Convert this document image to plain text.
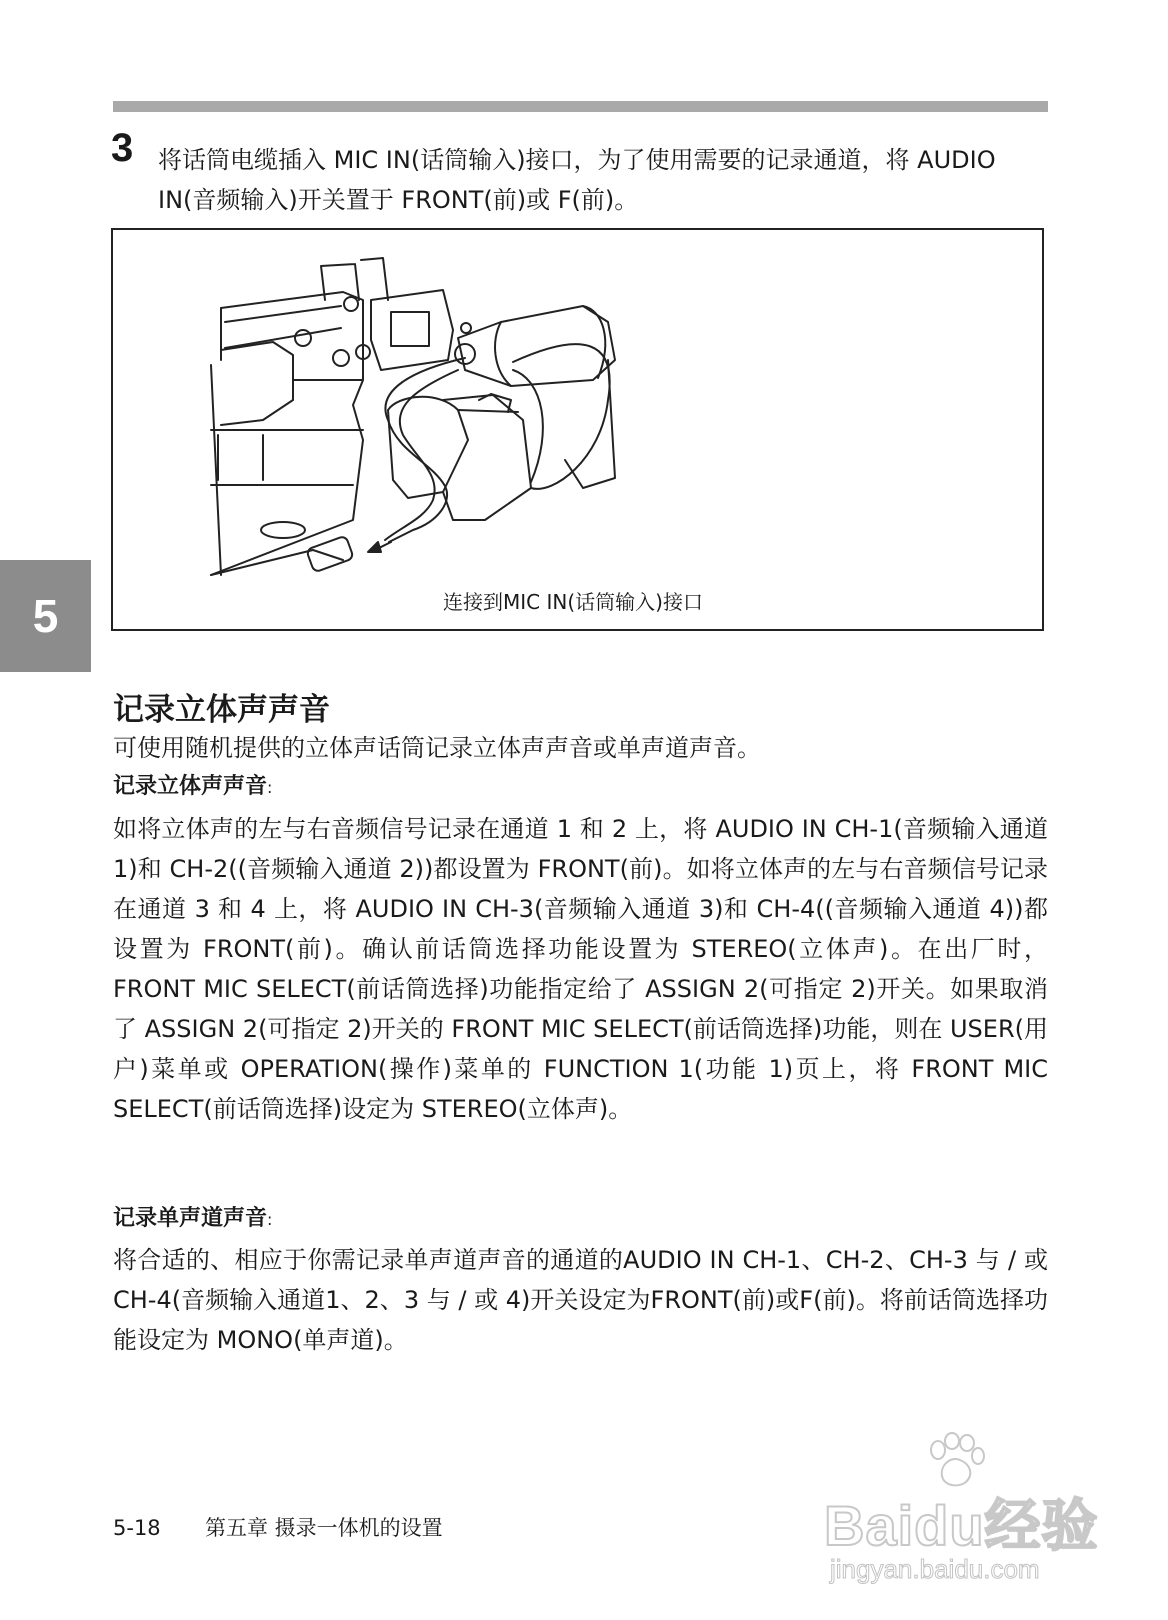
3 将话筒电缆插入 MIC IN(话筒输入)接口，为了使用需要的记录通道，将 AUDIO IN(音频输入)开关置于 FRONT(前)或 F(前)。
连接到MIC IN(话筒输入)接口
5
记录立体声声音
可使用随机提供的立体声话筒记录立体声声音或单声道声音。
记录立体声声音:
如将立体声的左与右音频信号记录在通道 1 和 2 上，将 AUDIO IN CH-1(音频输入通道 1)和 CH-2((音频输入通道 2))都设置为 FRONT(前)。如将立体声的左与右音频信号记录在通道 3 和 4 上，将 AUDIO IN CH-3(音频输入通道 3)和 CH-4((音频输入通道 4))都设置为 FRONT(前)。确认前话筒选择功能设置为 STEREO(立体声)。在出厂时，FRONT MIC SELECT(前话筒选择)功能指定给了 ASSIGN 2(可指定 2)开关。如果取消了 ASSIGN 2(可指定 2)开关的 FRONT MIC SELECT(前话筒选择)功能，则在 USER(用户)菜单或 OPERATION(操作)菜单的 FUNCTION 1(功能 1)页上，将 FRONT MIC SELECT(前话筒选择)设定为 STEREO(立体声)。
记录单声道声音:
将合适的、相应于你需记录单声道声音的通道的AUDIO IN CH-1、CH-2、CH-3 与 / 或 CH-4(音频输入通道1、2、3 与 / 或 4)开关设定为FRONT(前)或F(前)。将前话筒选择功能设定为 MONO(单声道)。
5-18 第五章 摄录一体机的设置	Baidu经验
jingyan.baidu.com
